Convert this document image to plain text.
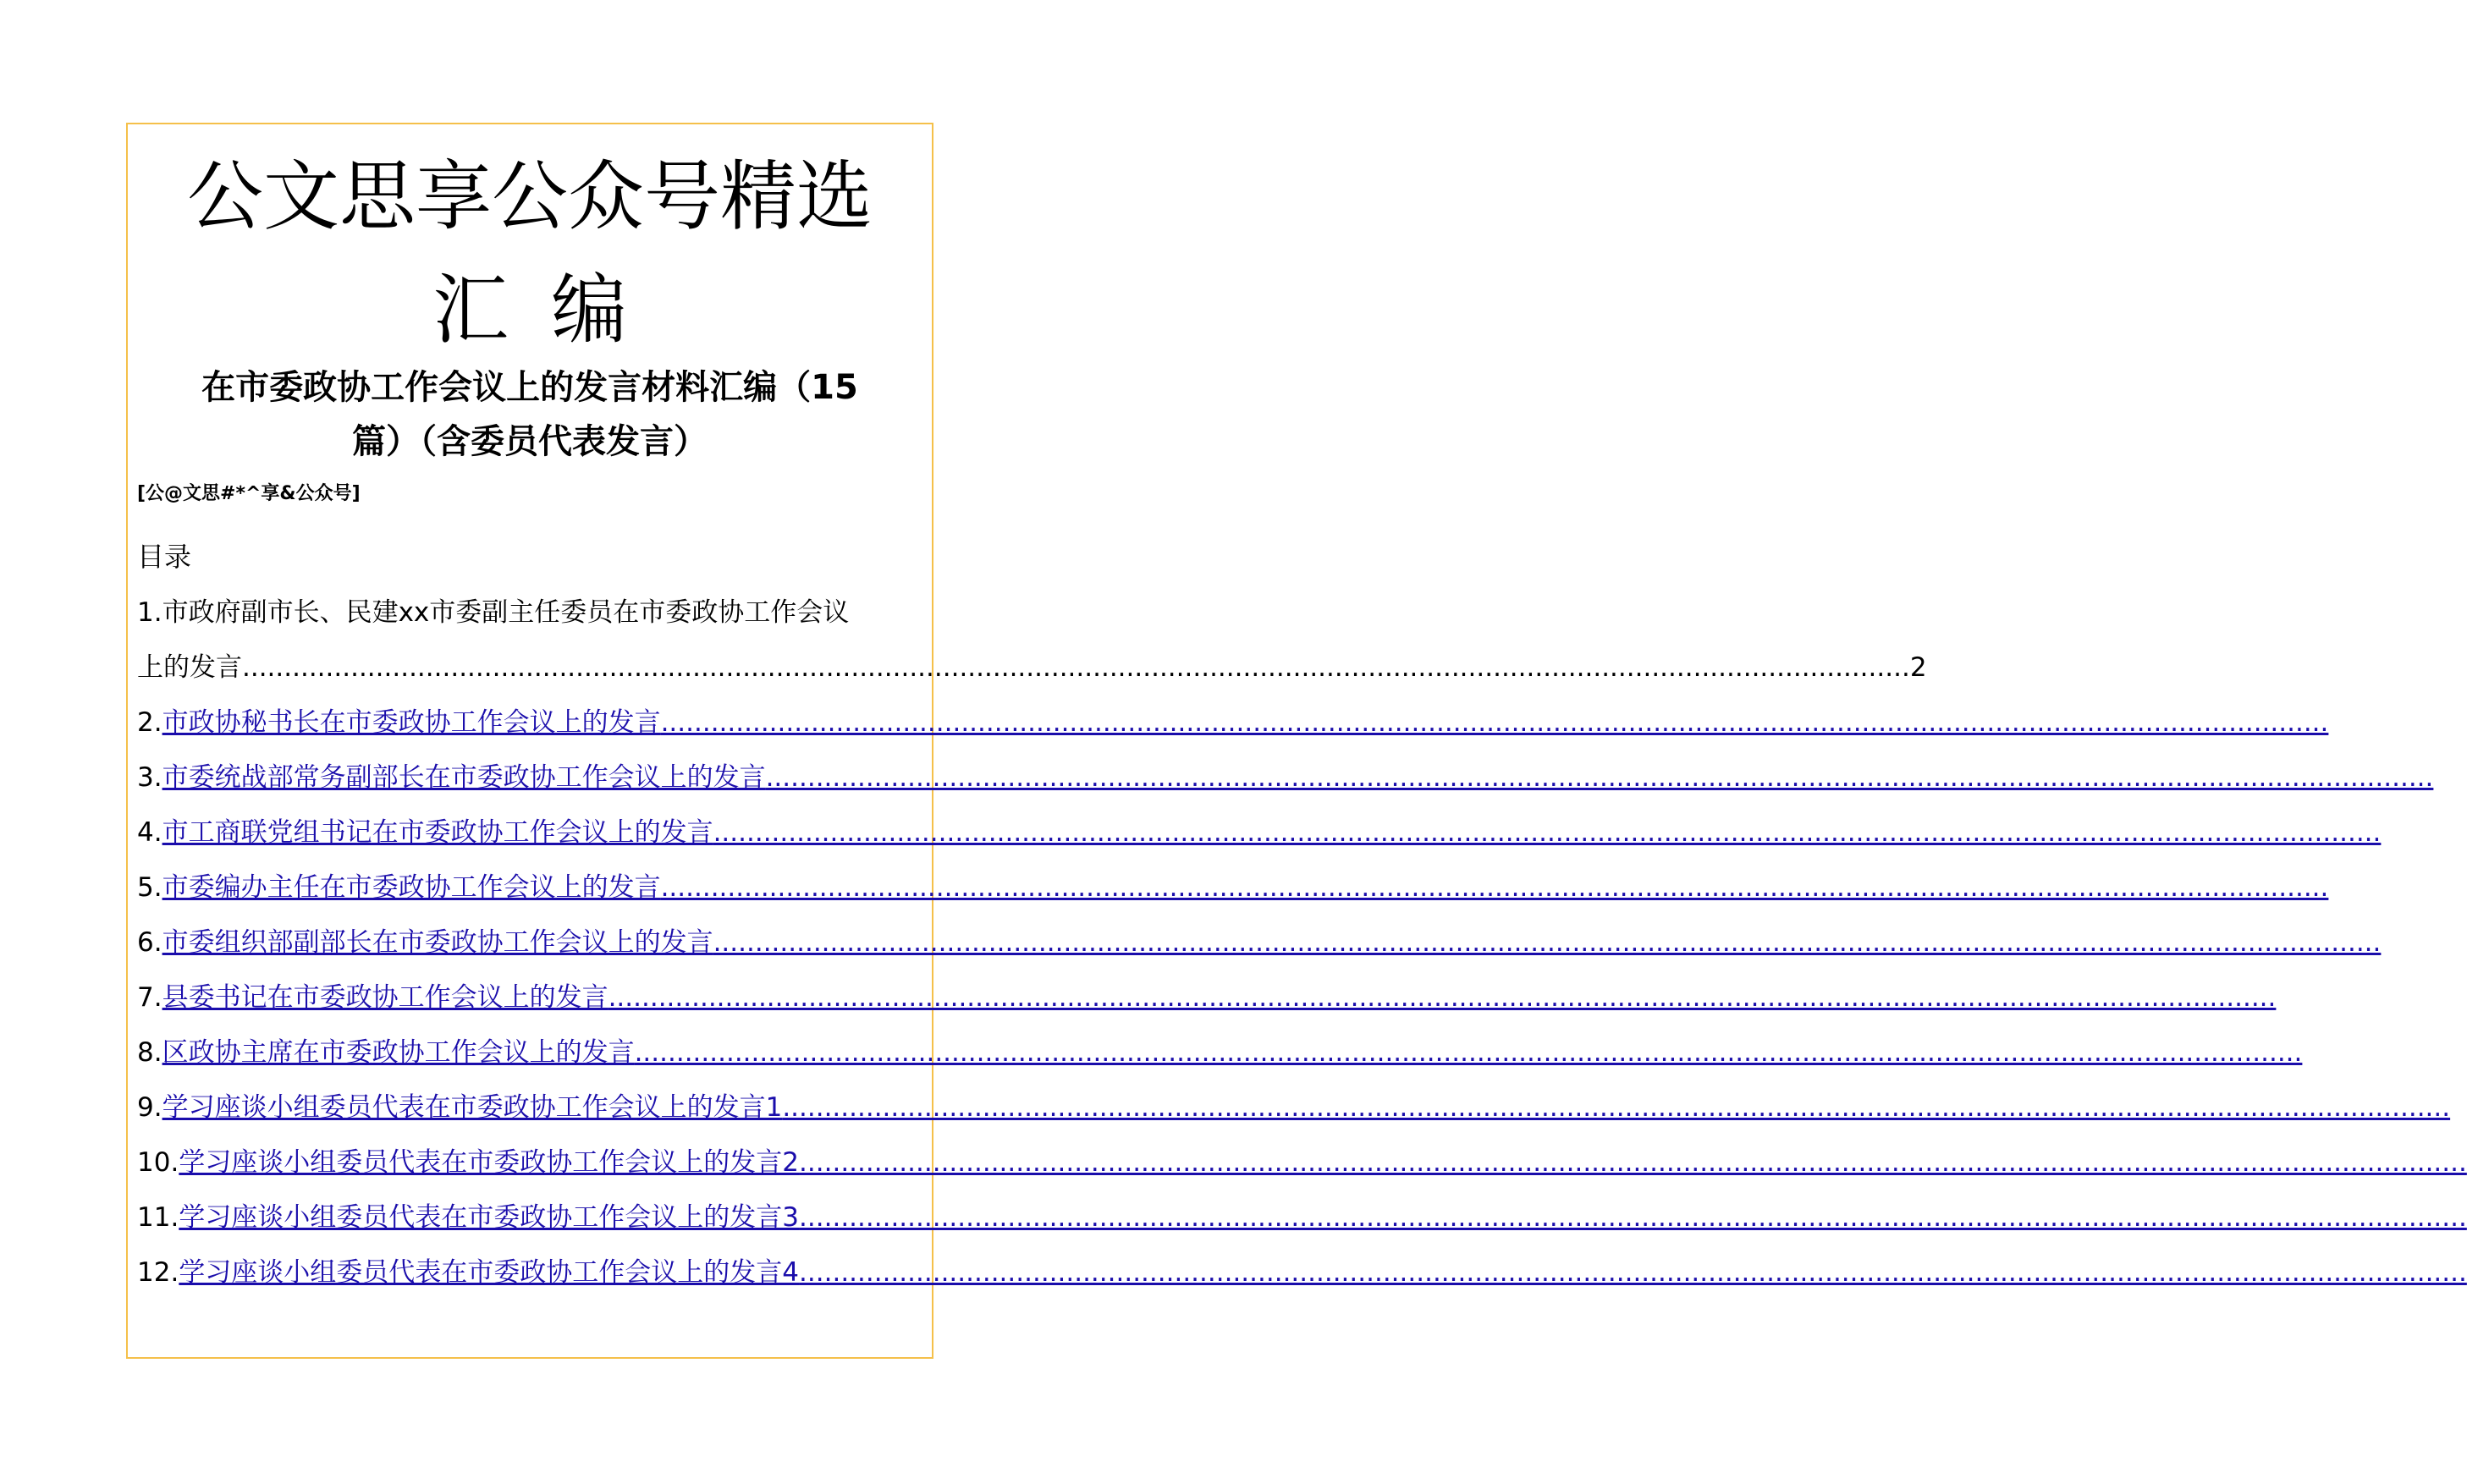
公文思享公众号精选
汇编
在市委政协工作会议上的发言材料汇编（15
篇）（含委员代表发言）
[公@文思#*^享&公众号]
目录
1.市政府副市长、民建xx市委副主任委员在市委政协工作会议
上的发言 ........................................................................................................................................................................................................ 2
2.市政协秘书长在市委政协工作会议上的发言........................................................................................................................................................................................................
3.市委统战部常务副部长在市委政协工作会议上的发言........................................................................................................................................................................................................
4.市工商联党组书记在市委政协工作会议上的发言........................................................................................................................................................................................................
5.市委编办主任在市委政协工作会议上的发言........................................................................................................................................................................................................
6.市委组织部副部长在市委政协工作会议上的发言........................................................................................................................................................................................................
7.县委书记在市委政协工作会议上的发言........................................................................................................................................................................................................
8.区政协主席在市委政协工作会议上的发言........................................................................................................................................................................................................
9.学习座谈小组委员代表在市委政协工作会议上的发言1........................................................................................................................................................................................................
10.学习座谈小组委员代表在市委政协工作会议上的发言2........................................................................................................................................................................................................
11.学习座谈小组委员代表在市委政协工作会议上的发言3........................................................................................................................................................................................................
12.学习座谈小组委员代表在市委政协工作会议上的发言4........................................................................................................................................................................................................
